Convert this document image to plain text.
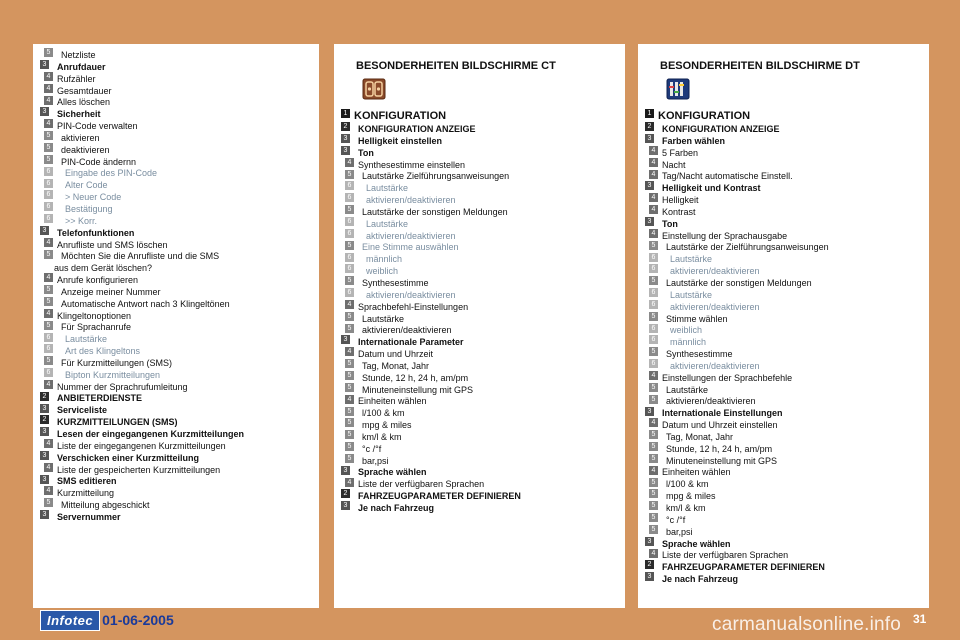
5 Netzliste
3 Anrufdauer
4 Rufzähler
4 Gesamtdauer
4 Alles löschen
3 Sicherheit
4 PIN-Code verwalten
5 aktivieren
5 deaktivieren
5 PIN-Code ändernn
6 Eingabe des PIN-Code
6 Alter Code
6 > Neuer Code
6 Bestätigung
6 >> Korr.
3 Telefonfunktionen
4 Anrufliste und SMS löschen
5 Möchten Sie die Anrufliste und die SMS
aus dem Gerät löschen?
4 Anrufe konfigurieren
5 Anzeige meiner Nummer
5 Automatische Antwort nach 3 Klingeltönen
4 Klingeltonoptionen
5 Für Sprachanrufe
6 Lautstärke
6 Art des Klingeltons
5 Für Kurzmitteilungen (SMS)
6 Bipton Kurzmitteilungen
4 Nummer der Sprachrufumleitung
2 ANBIETERDIENSTE
3 Serviceliste
2 KURZMITTEILUNGEN (SMS)
3 Lesen der eingegangenen Kurzmitteilungen
4 Liste der eingegangenen Kurzmitteilungen
3 Verschicken einer Kurzmitteilung
4 Liste der gespeicherten Kurzmitteilungen
3 SMS editieren
4 Kurzmitteilung
5 Mitteilung abgeschickt
3 Servernummer
BESONDERHEITEN BILDSCHIRME CT
1 KONFIGURATION
2 KONFIGURATION ANZEIGE
3 Helligkeit einstellen
3 Ton
4 Synthesestimme einstellen
5 Lautstärke Zielführungsanweisungen
6 Lautstärke
6 aktivieren/deaktivieren
5 Lautstärke der sonstigen Meldungen
6 Lautstärke
6 aktivieren/deaktivieren
5 Eine Stimme auswählen
6 männlich
6 weiblich
5 Synthesestimme
6 aktivieren/deaktivieren
4 Sprachbefehl-Einstellungen
5 Lautstärke
5 aktivieren/deaktivieren
3 Internationale Parameter
4 Datum und Uhrzeit
5 Tag, Monat, Jahr
5 Stunde, 12 h, 24 h, am/pm
5 Minuteneinstellung mit GPS
4 Einheiten wählen
5 l/100 & km
5 mpg & miles
5 km/l & km
5 °c /°f
5 bar,psi
3 Sprache wählen
4 Liste der verfügbaren Sprachen
2 FAHRZEUGPARAMETER DEFINIEREN
3 Je nach Fahrzeug
BESONDERHEITEN BILDSCHIRME DT
1 KONFIGURATION
2 KONFIGURATION ANZEIGE
3 Farben wählen
4 5 Farben
4 Nacht
4 Tag/Nacht automatische Einstell.
3 Helligkeit und Kontrast
4 Helligkeit
4 Kontrast
3 Ton
4 Einstellung der Sprachausgabe
5 Lautstärke der Zielführungsanweisungen
6 Lautstärke
6 aktivieren/deaktivieren
5 Lautstärke der sonstigen Meldungen
6 Lautstärke
6 aktivieren/deaktivieren
5 Stimme wählen
6 weiblich
6 männlich
5 Synthesestimme
6 aktivieren/deaktivieren
4 Einstellungen der Sprachbefehle
5 Lautstärke
5 aktivieren/deaktivieren
3 Internationale Einstellungen
4 Datum und Uhrzeit einstellen
5 Tag, Monat, Jahr
5 Stunde, 12 h, 24 h, am/pm
5 Minuteneinstellung mit GPS
4 Einheiten wählen
5 l/100 & km
5 mpg & miles
5 km/l & km
5 °c /°f
5 bar,psi
3 Sprache wählen
4 Liste der verfügbaren Sprachen
2 FAHRZEUGPARAMETER DEFINIEREN
3 Je nach Fahrzeug
Infotec 01-06-2005	carmanualsonline.info 31
